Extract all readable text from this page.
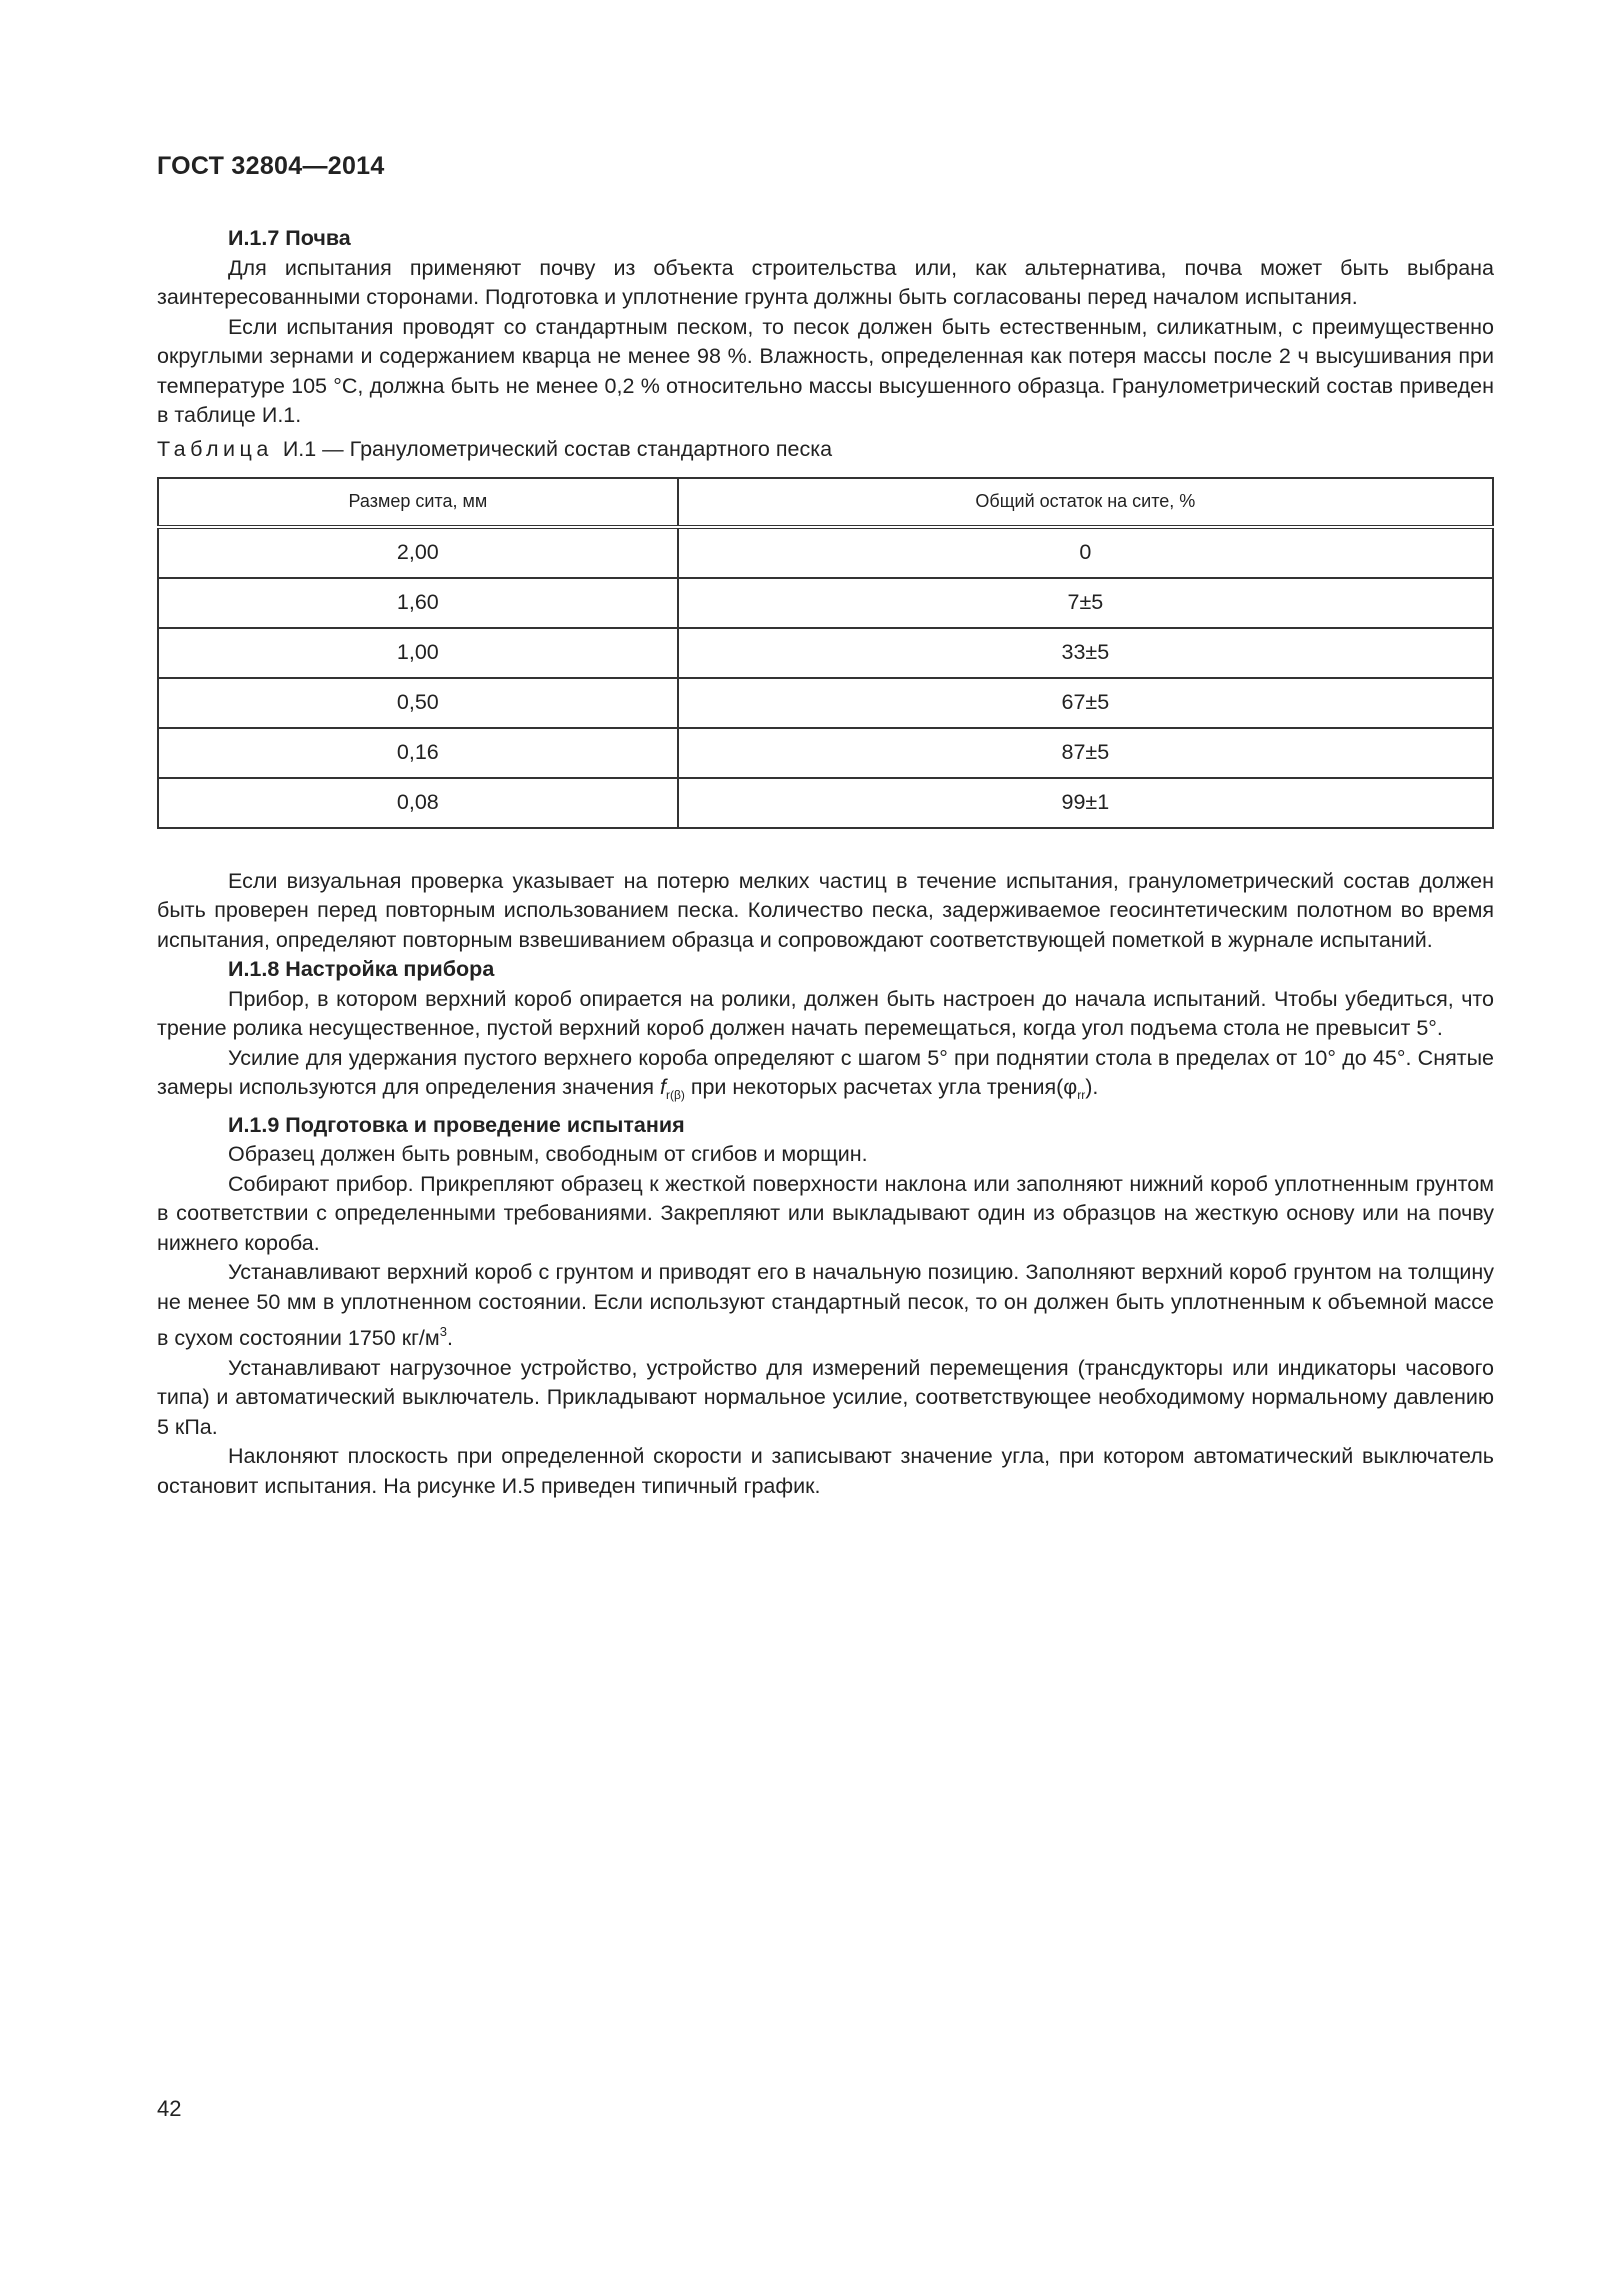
ГОСТ 32804—2014
И.1.7 Почва

Для испытания применяют почву из объекта строительства или, как альтернатива, почва может быть выбрана заинтересованными сторонами. Подготовка и уплотнение грунта должны быть согласованы перед началом испытания.

Если испытания проводят со стандартным песком, то песок должен быть естественным, силикатным, с преимущественно округлыми зернами и содержанием кварца не менее 98 %. Влажность, определенная как потеря массы после 2 ч высушивания при температуре 105 °С, должна быть не менее 0,2 % относительно массы высушенного образца. Гранулометрический состав приведен в таблице И.1.

Таблица И.1 — Гранулометрический состав стандартного песка
Размер сита, мм	Общий остаток на сите, %
2,00	0
1,60	7±5
1,00	33±5
0,50	67±5
0,16	87±5
0,08	99±1

Если визуальная проверка указывает на потерю мелких частиц в течение испытания, гранулометрический состав должен быть проверен перед повторным использованием песка. Количество песка, задерживаемое геосинтетическим полотном во время испытания, определяют повторным взвешиванием образца и сопровождают соответствующей пометкой в журнале испытаний.

И.1.8 Настройка прибора

Прибор, в котором верхний короб опирается на ролики, должен быть настроен до начала испытаний. Чтобы убедиться, что трение ролика несущественное, пустой верхний короб должен начать перемещаться, когда угол подъема стола не превысит 5°.

Усилие для удержания пустого верхнего короба определяют с шагом 5° при поднятии стола в пределах от 10° до 45°. Снятые замеры используются для определения значения $f_{r(\beta)}$ при некоторых расчетах угла $трения(\varphi_{rr})$.

И.1.9 Подготовка и проведение испытания

Образец должен быть ровным, свободным от сгибов и морщин.

Собирают прибор. Прикрепляют образец к жесткой поверхности наклона или заполняют нижний короб уплотненным грунтом в соответствии с определенными требованиями. Закрепляют или выкладывают один из образцов на жесткую основу или на почву нижнего короба.

Устанавливают верхний короб с грунтом и приводят его в начальную позицию. Заполняют верхний короб грунтом на толщину не менее 50 мм в уплотненном состоянии. Если используют стандартный песок, то он должен быть уплотненным к объемной массе в сухом состоянии 1750 $кг/м^3$.

Устанавливают нагрузочное устройство, устройство для измерений перемещения (трансдукторы или индикаторы часового типа) и автоматический выключатель. Прикладывают нормальное усилие, соответствующее необходимому нормальному давлению 5 кПа.

Наклоняют плоскость при определенной скорости и записывают значение угла, при котором автоматический выключатель остановит испытания. На рисунке И.5 приведен типичный график.

42
